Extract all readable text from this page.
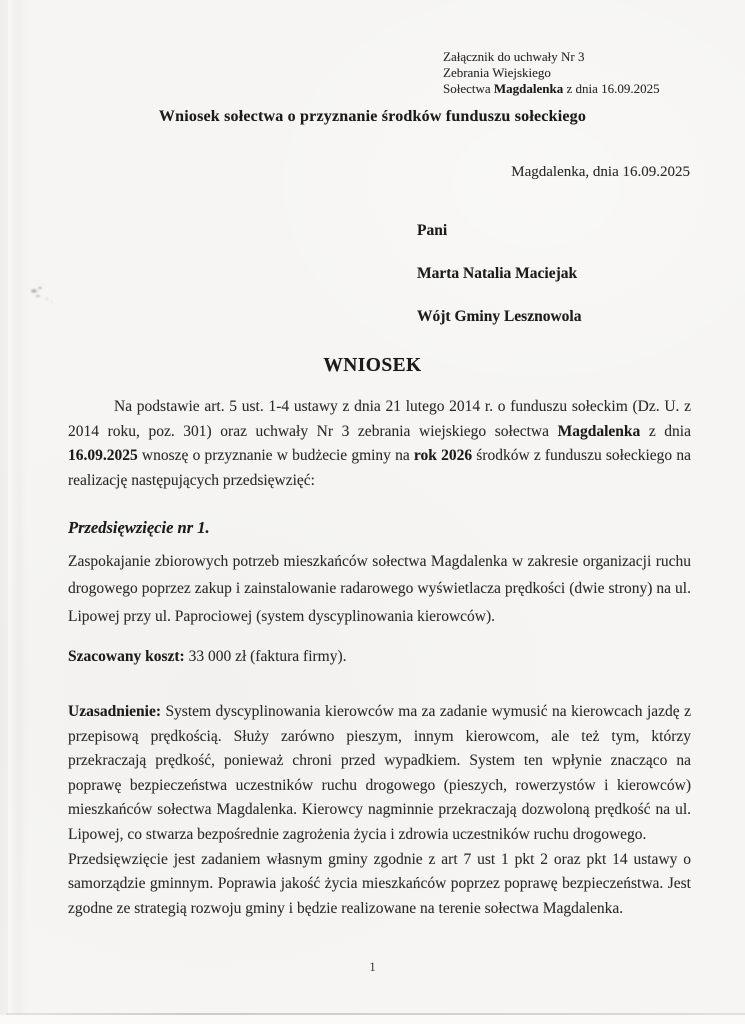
Załącznik do uchwały Nr 3
Zebrania Wiejskiego
Sołectwa Magdalenka z dnia 16.09.2025
Wniosek sołectwa o przyznanie środków funduszu sołeckiego
Magdalenka, dnia 16.09.2025
Pani
Marta Natalia Maciejak
Wójt Gminy Lesznowola
WNIOSEK

Na podstawie art. 5 ust. 1-4 ustawy z dnia 21 lutego 2014 r. o funduszu sołeckim (Dz. U. z 2014 roku, poz. 301) oraz uchwały Nr 3 zebrania wiejskiego sołectwa Magdalenka z dnia 16.09.2025 wnoszę o przyznanie w budżecie gminy na rok 2026 środków z funduszu sołeckiego na realizację następujących przedsięwzięć:

Przedsięwzięcie nr 1.

Zaspokajanie zbiorowych potrzeb mieszkańców sołectwa Magdalenka w zakresie organizacji ruchu drogowego poprzez zakup i zainstalowanie radarowego wyświetlacza prędkości (dwie strony) na ul. Lipowej przy ul. Paprociowej (system dyscyplinowania kierowców).

Szacowany koszt: 33 000 zł (faktura firmy).

Uzasadnienie: System dyscyplinowania kierowców ma za zadanie wymusić na kierowcach jazdę z przepisową prędkością. Służy zarówno pieszym, innym kierowcom, ale też tym, którzy przekraczają prędkość, ponieważ chroni przed wypadkiem. System ten wpłynie znacząco na poprawę bezpieczeństwa uczestników ruchu drogowego (pieszych, rowerzystów i kierowców) mieszkańców sołectwa Magdalenka. Kierowcy nagminnie przekraczają dozwoloną prędkość na ul. Lipowej, co stwarza bezpośrednie zagrożenia życia i zdrowia uczestników ruchu drogowego.

Przedsięwzięcie jest zadaniem własnym gminy zgodnie z art 7 ust 1 pkt 2 oraz pkt 14 ustawy o samorządzie gminnym. Poprawia jakość życia mieszkańców poprzez poprawę bezpieczeństwa. Jest zgodne ze strategią rozwoju gminy i będzie realizowane na terenie sołectwa Magdalenka.

1
